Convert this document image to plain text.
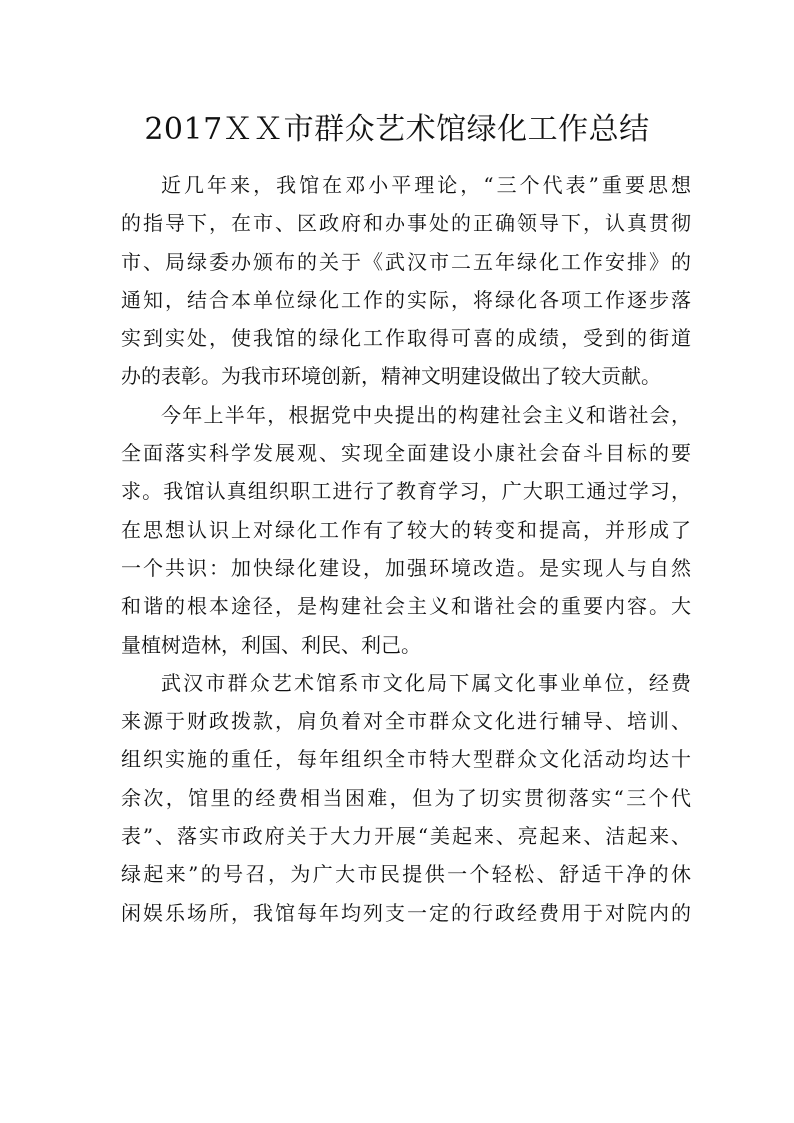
2017ＸＸ市群众艺术馆绿化工作总结
近几年来，我馆在邓小平理论，“三个代表”重要思想
的指导下，在市、区政府和办事处的正确领导下，认真贯彻
市、局绿委办颁布的关于《武汉市二五年绿化工作安排》的
通知，结合本单位绿化工作的实际，将绿化各项工作逐步落
实到实处，使我馆的绿化工作取得可喜的成绩，受到的街道
办的表彰。为我市环境创新，精神文明建设做出了较大贡献。
今年上半年，根据党中央提出的构建社会主义和谐社会，
全面落实科学发展观、实现全面建设小康社会奋斗目标的要
求。我馆认真组织职工进行了教育学习，广大职工通过学习，
在思想认识上对绿化工作有了较大的转变和提高，并形成了
一个共识：加快绿化建设，加强环境改造。是实现人与自然
和谐的根本途径，是构建社会主义和谐社会的重要内容。大
量植树造林，利国、利民、利己。
武汉市群众艺术馆系市文化局下属文化事业单位，经费
来源于财政拨款，肩负着对全市群众文化进行辅导、培训、
组织实施的重任，每年组织全市特大型群众文化活动均达十
余次，馆里的经费相当困难，但为了切实贯彻落实“三个代
表”、落实市政府关于大力开展“美起来、亮起来、洁起来、
绿起来”的号召，为广大市民提供一个轻松、舒适干净的休
闲娱乐场所，我馆每年均列支一定的行政经费用于对院内的
